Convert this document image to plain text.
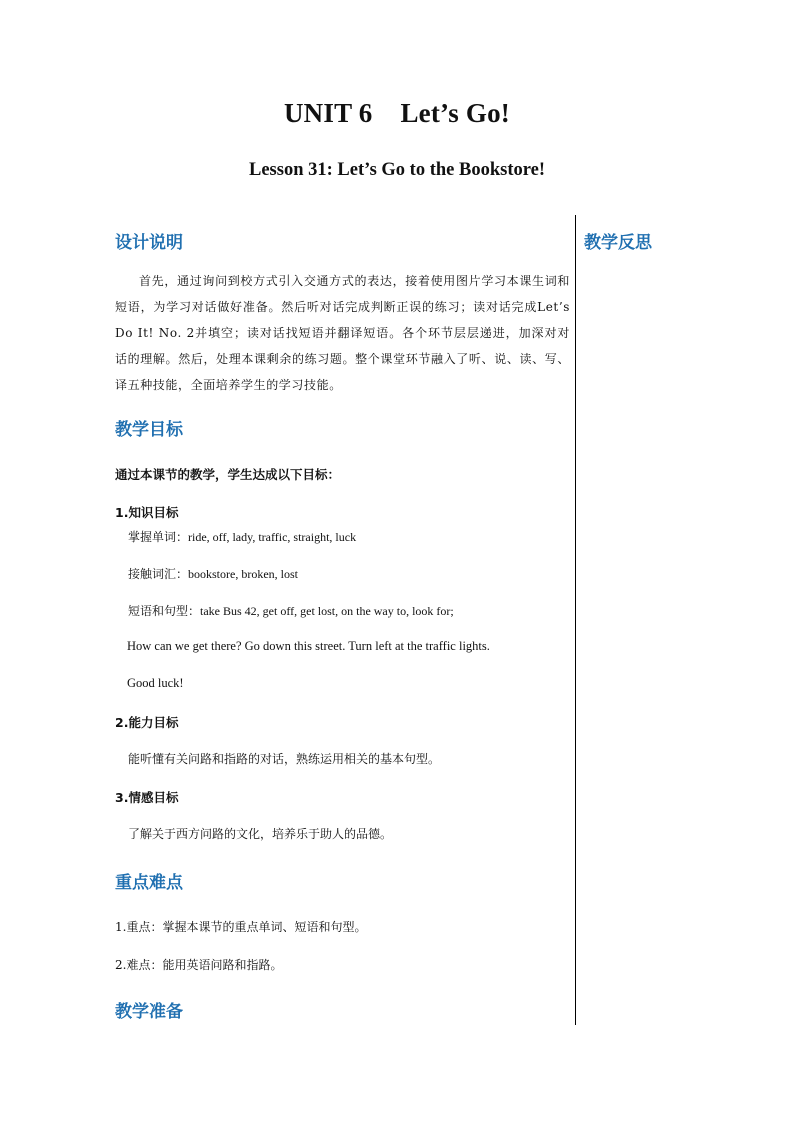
UNIT 6 Let’s Go!
Lesson 31: Let’s Go to the Bookstore!
设计说明	教学反思
首先，通过询问到校方式引入交通方式的表达，接着使用图片学习本课生词和短语，为学习对话做好准备。然后听对话完成判断正误的练习；读对话完成Let’s Do It! No. 2并填空；读对话找短语并翻译短语。各个环节层层递进，加深对对话的理解。然后，处理本课剩余的练习题。整个课堂环节融入了听、说、读、写、译五种技能，全面培养学生的学习技能。
教学目标
通过本课节的教学，学生达成以下目标：
1.知识目标
掌握单词：ride, off, lady, traffic, straight, luck
接触词汇：bookstore, broken, lost
短语和句型：take Bus 42, get off, get lost, on the way to, look for;
How can we get there? Go down this street. Turn left at the traffic lights.
Good luck!
2.能力目标
能听懂有关问路和指路的对话，熟练运用相关的基本句型。
3.情感目标
了解关于西方问路的文化，培养乐于助人的品德。
重点难点
1.重点：掌握本课节的重点单词、短语和句型。
2.难点：能用英语问路和指路。
教学准备
